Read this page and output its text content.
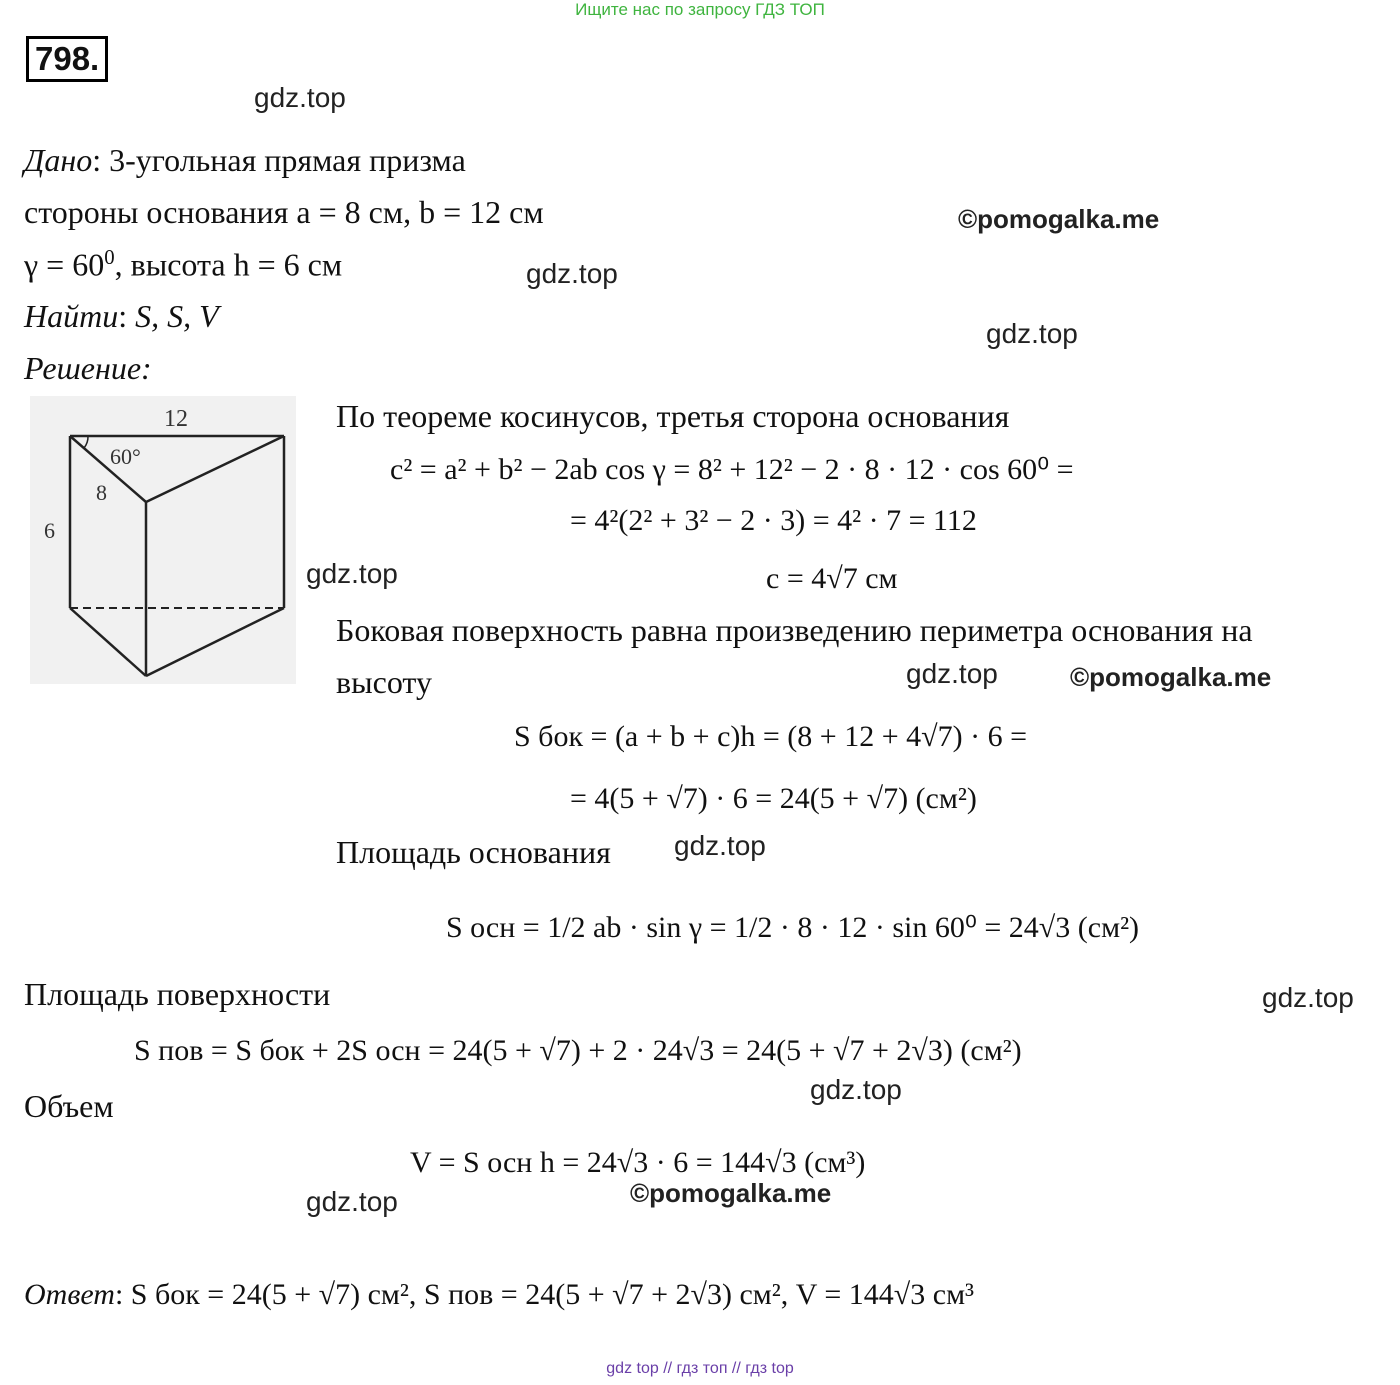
Ищите нас по запросу ГДЗ ТОП
798.
gdz.top
©pomogalka.me
gdz.top
gdz.top
gdz.top
gdz.top	©pomogalka.me
gdz.top
gdz.top
gdz.top
©pomogalka.me
gdz.top
Дано: 3-угольная прямая призма
стороны основания a = 8 см, b = 12 см
$\gamma = 60^0$, высота h = 6 см
Найти: S, S, V
Решение:
12
60°
8
6
По теореме косинусов, третья сторона основания
c² = a² + b² − 2ab cos γ = 8² + 12² − 2 · 8 · 12 · cos 60⁰ =
= 4²(2² + 3² − 2 · 3) = 4² · 7 = 112
c = 4√7 см
Боковая поверхность равна произведению периметра основания на
высоту
S бок = (a + b + c)h = (8 + 12 + 4√7) · 6 =
= 4(5 + √7) · 6 = 24(5 + √7) (см²)
Площадь основания
S осн = 1/2 ab · sin γ = 1/2 · 8 · 12 · sin 60⁰ = 24√3 (см²)
Площадь поверхности
S пов = S бок + 2S осн = 24(5 + √7) + 2 · 24√3 = 24(5 + √7 + 2√3) (см²)
Объем
V = S осн h = 24√3 · 6 = 144√3 (см³)
Ответ: S бок = 24(5 + √7) см², S пов = 24(5 + √7 + 2√3) см², V = 144√3 см³
gdz top // гдз топ // гдз top
